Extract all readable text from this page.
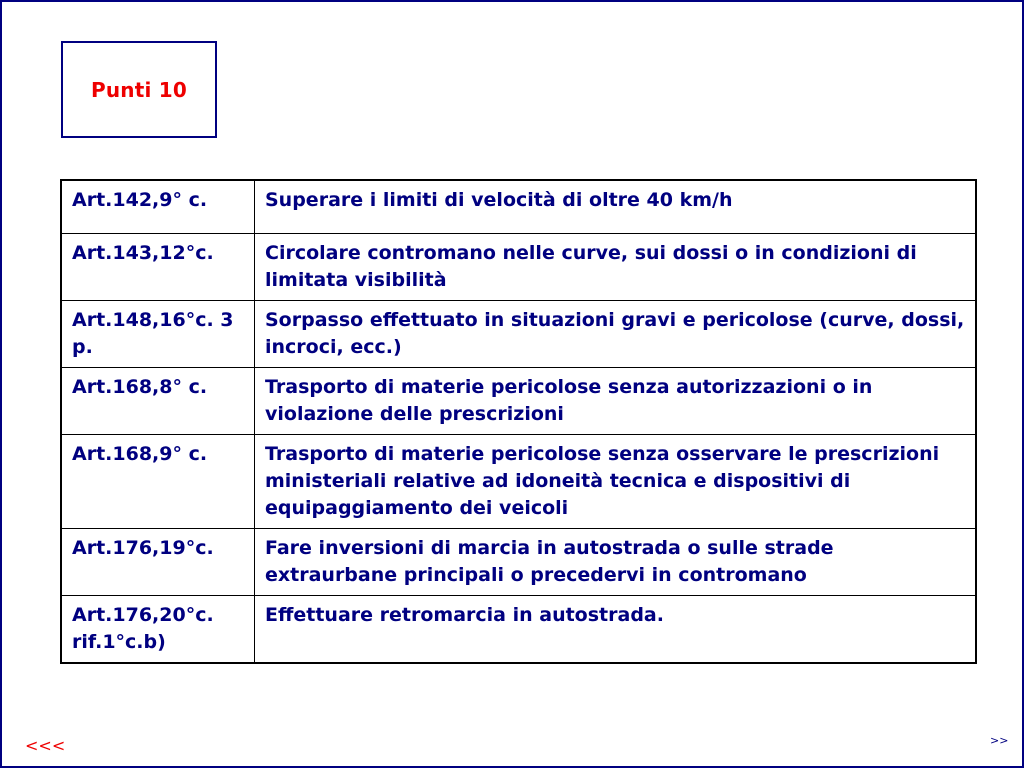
Punti 10
Art.142,9° c.	Superare i limiti di velocità di oltre 40 km/h
Art.143,12°c.	Circolare contromano nelle curve, sui dossi o in condizioni di limitata visibilità
Art.148,16°c. 3 p.	Sorpasso effettuato in situazioni gravi e pericolose (curve, dossi, incroci, ecc.)
Art.168,8° c.	Trasporto di materie pericolose senza autorizzazioni o in violazione delle prescrizioni
Art.168,9° c.	Trasporto di materie pericolose senza osservare le prescrizioni ministeriali relative ad idoneità tecnica e dispositivi di equipaggiamento dei veicoli
Art.176,19°c.	Fare inversioni di marcia in autostrada o sulle strade extraurbane principali o precedervi in contromano
Art.176,20°c. rif.1°c.b)	Effettuare retromarcia in autostrada.
<<<	>>
